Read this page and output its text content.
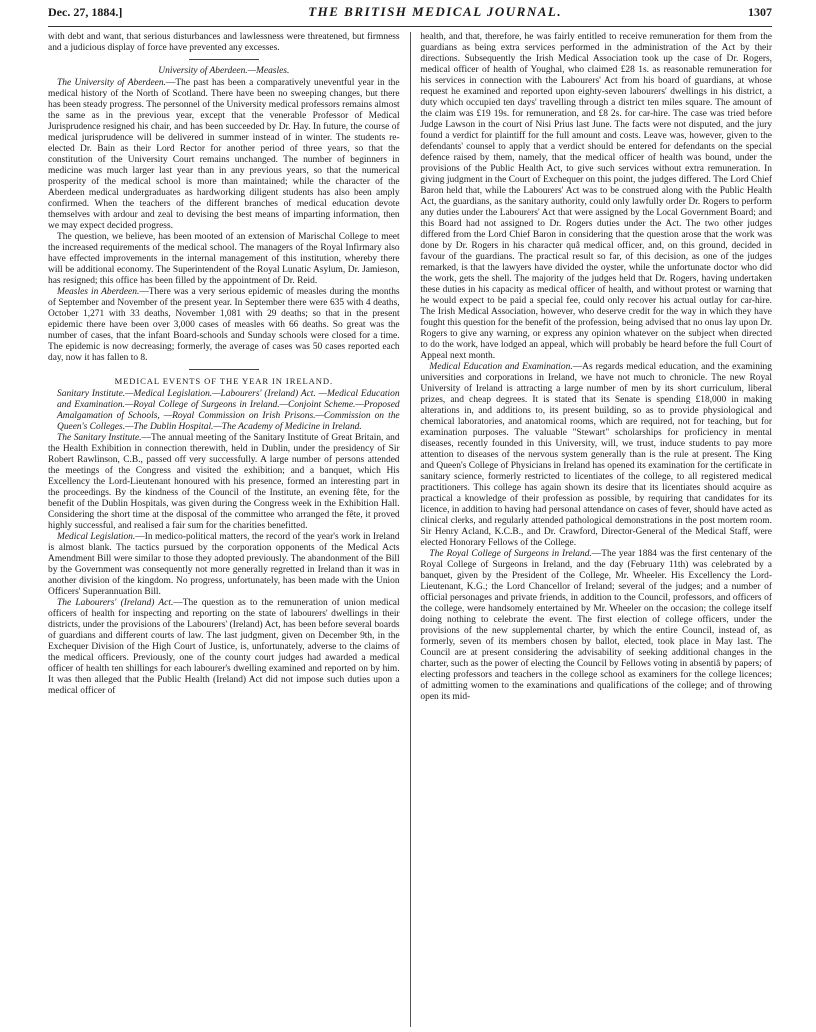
Dec. 27, 1884.]	THE BRITISH MEDICAL JOURNAL.	1307

with debt and want, that serious disturbances and lawlessness were threatened, but firmness and a judicious display of force have prevented any excesses.

University of Aberdeen.—Measles.

The University of Aberdeen.—The past has been a comparatively uneventful year in the medical history of the North of Scotland. There have been no sweeping changes, but there has been steady progress. The personnel of the University medical professors remains almost the same as in the previous year, except that the venerable Professor of Medical Jurisprudence resigned his chair, and has been succeeded by Dr. Hay. In future, the course of medical jurisprudence will be delivered in summer instead of in winter. The students re-elected Dr. Bain as their Lord Rector for another period of three years, so that the constitution of the University Court remains unchanged. The number of beginners in medicine was much larger last year than in any previous years, so that the numerical prosperity of the medical school is more than maintained; while the character of the Aberdeen medical undergraduates as hardworking diligent students has also been amply confirmed. When the teachers of the different branches of medical education devote themselves with ardour and zeal to devising the best means of imparting information, then we may expect decided progress.

The question, we believe, has been mooted of an extension of Marischal College to meet the increased requirements of the medical school. The managers of the Royal Infirmary also have effected improvements in the internal management of this institution, whereby there will be additional economy. The Superintendent of the Royal Lunatic Asylum, Dr. Jamieson, has resigned; this office has been filled by the appointment of Dr. Reid.

Measles in Aberdeen.—There was a very serious epidemic of measles during the months of September and November of the present year. In September there were 635 with 4 deaths, October 1,271 with 33 deaths, November 1,081 with 29 deaths; so that in the present epidemic there have been over 3,000 cases of measles with 66 deaths. So great was the number of cases, that the infant Board-schools and Sunday schools were closed for a time. The epidemic is now decreasing; formerly, the average of cases was 50 cases reported each day, now it has fallen to 8.

MEDICAL EVENTS OF THE YEAR IN IRELAND.

Sanitary Institute.—Medical Legislation.—Labourers' (Ireland) Act. —Medical Education and Examination.—Royal College of Surgeons in Ireland.—Conjoint Scheme.—Proposed Amalgamation of Schools, —Royal Commission on Irish Prisons.—Commission on the Queen's Colleges.—The Dublin Hospital.—The Academy of Medicine in Ireland.

The Sanitary Institute.—The annual meeting of the Sanitary Institute of Great Britain, and the Health Exhibition in connection therewith, held in Dublin, under the presidency of Sir Robert Rawlinson, C.B., passed off very successfully. A large number of persons attended the meetings of the Congress and visited the exhibition; and a banquet, which His Excellency the Lord-Lieutenant honoured with his presence, formed an interesting part in the proceedings. By the kindness of the Council of the Institute, an evening fête, for the benefit of the Dublin Hospitals, was given during the Congress week in the Exhibition Hall. Considering the short time at the disposal of the committee who arranged the fête, it proved highly successful, and realised a fair sum for the charities benefitted.

Medical Legislation.—In medico-political matters, the record of the year's work in Ireland is almost blank. The tactics pursued by the corporation opponents of the Medical Acts Amendment Bill were similar to those they adopted previously. The abandonment of the Bill by the Government was consequently not more generally regretted in Ireland than it was in another division of the kingdom. No progress, unfortunately, has been made with the Union Officers' Superannuation Bill.

The Labourers' (Ireland) Act.—The question as to the remuneration of union medical officers of health for inspecting and reporting on the state of labourers' dwellings in their districts, under the provisions of the Labourers' (Ireland) Act, has been before several boards of guardians and different courts of law. The last judgment, given on December 9th, in the Exchequer Division of the High Court of Justice, is, unfortunately, adverse to the claims of the medical officers. Previously, one of the county court judges had awarded a medical officer of health ten shillings for each labourer's dwelling examined and reported on by him. It was then alleged that the Public Health (Ireland) Act did not impose such duties upon a medical officer of

health, and that, therefore, he was fairly entitled to receive remuneration for them from the guardians as being extra services performed in the administration of the Act by their directions. Subsequently the Irish Medical Association took up the case of Dr. Rogers, medical officer of health of Youghal, who claimed £28 1s. as reasonable remuneration for his services in connection with the Labourers' Act from his board of guardians, at whose request he examined and reported upon eighty-seven labourers' dwellings in his district, a duty which occupied ten days' travelling through a district ten miles square. The amount of the claim was £19 19s. for remuneration, and £8 2s. for car-hire. The case was tried before Judge Lawson in the court of Nisi Prius last June. The facts were not disputed, and the jury found a verdict for plaintiff for the full amount and costs. Leave was, however, given to the defendants' counsel to apply that a verdict should be entered for defendants on the special defence raised by them, namely, that the medical officer of health was bound, under the provisions of the Public Health Act, to give such services without extra remuneration. In giving judgment in the Court of Exchequer on this point, the judges differed. The Lord Chief Baron held that, while the Labourers' Act was to be construed along with the Public Health Act, the guardians, as the sanitary authority, could only lawfully order Dr. Rogers to perform any duties under the Labourers' Act that were assigned by the Local Government Board; and this Board had not assigned to Dr. Rogers duties under the Act. The two other judges differed from the Lord Chief Baron in considering that the question arose that the work was done by Dr. Rogers in his character quâ medical officer, and, on this ground, decided in favour of the guardians. The practical result so far, of this decision, as one of the judges remarked, is that the lawyers have divided the oyster, while the unfortunate doctor who did the work, gets the shell. The majority of the judges held that Dr. Rogers, having undertaken these duties in his capacity as medical officer of health, and without protest or warning that he would expect to be paid a special fee, could only recover his actual outlay for car-hire. The Irish Medical Association, however, who deserve credit for the way in which they have fought this question for the benefit of the profession, being advised that no onus lay upon Dr. Rogers to give any warning, or express any opinion whatever on the subject when directed to do the work, have lodged an appeal, which will probably be heard before the full Court of Appeal next month.

Medical Education and Examination.—As regards medical education, and the examining universities and corporations in Ireland, we have not much to chronicle. The new Royal University of Ireland is attracting a large number of men by its short curriculum, liberal prizes, and cheap degrees. It is stated that its Senate is spending £18,000 in making alterations in, and additions to, its present building, so as to provide physiological and chemical laboratories, and anatomical rooms, which are required, not for teaching, but for examination purposes. The valuable "Stewart" scholarships for proficiency in mental diseases, recently founded in this University, will, we trust, induce students to pay more attention to diseases of the nervous system generally than is the rule at present. The King and Queen's College of Physicians in Ireland has opened its examination for the certificate in sanitary science, formerly restricted to licentiates of the college, to all registered medical practitioners. This college has again shown its desire that its licentiates should acquire as practical a knowledge of their profession as possible, by requiring that candidates for its licence, in addition to having had personal attendance on cases of fever, should have acted as clinical clerks, and regularly attended pathological demonstrations in the post mortem room. Sir Henry Acland, K.C.B., and Dr. Crawford, Director-General of the Medical Staff, were elected Honorary Fellows of the College.

The Royal College of Surgeons in Ireland.—The year 1884 was the first centenary of the Royal College of Surgeons in Ireland, and the day (February 11th) was celebrated by a banquet, given by the President of the College, Mr. Wheeler. His Excellency the Lord-Lieutenant, K.G.; the Lord Chancellor of Ireland; several of the judges; and a number of official personages and private friends, in addition to the Council, professors, and officers of the college, were handsomely entertained by Mr. Wheeler on the occasion; the college itself doing nothing to celebrate the event. The first election of college officers, under the provisions of the new supplemental charter, by which the entire Council, instead of, as formerly, seven of its members chosen by ballot, elected, took place in May last. The Council are at present considering the advisability of seeking additional changes in the charter, such as the power of electing the Council by Fellows voting in absentiâ by papers; of electing professors and teachers in the college school as examiners for the college licences; of admitting women to the examinations and qualifications of the college; and of throwing open its mid-
